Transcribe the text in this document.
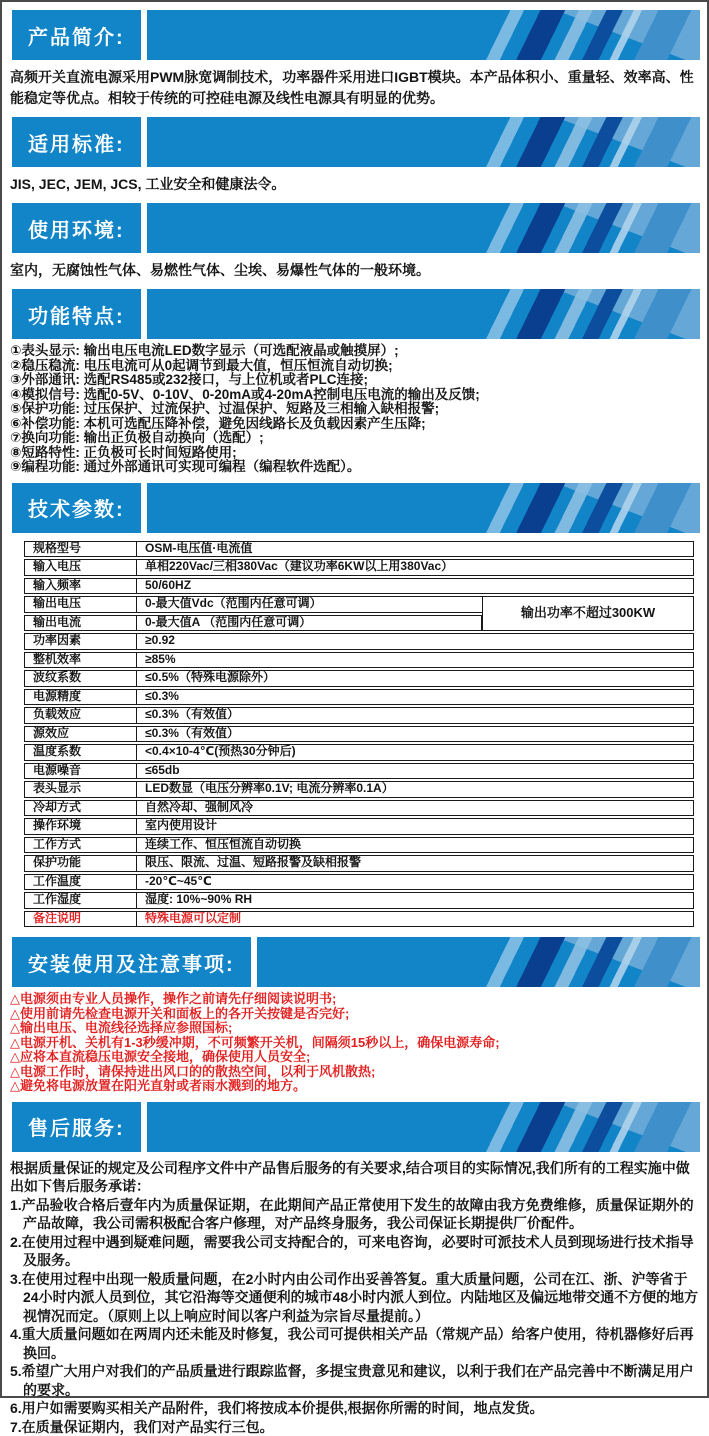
产品简介:

高频开关直流电源采用PWM脉宽调制技术，功率器件采用进口IGBT模块。本产品体积小、重量轻、效率高、性能稳定等优点。相较于传统的可控硅电源及线性电源具有明显的优势。

适用标准:

JIS, JEC, JEM, JCS, 工业安全和健康法令。

使用环境:

室内，无腐蚀性气体、易燃性气体、尘埃、易爆性气体的一般环境。

功能特点:
①表头显示: 输出电压电流LED数字显示（可选配液晶或触摸屏）;
②稳压稳流: 电压电流可从0起调节到最大值，恒压恒流自动切换;
③外部通讯: 选配RS485或232接口，与上位机或者PLC连接;
④模拟信号: 选配0-5V、0-10V、0-20mA或4-20mA控制电压电流的输出及反馈;
⑤保护功能: 过压保护、过流保护、过温保护、短路及三相输入缺相报警;
⑥补偿功能: 本机可选配压降补偿，避免因线路长及负载因素产生压降;
⑦换向功能: 输出正负极自动换向（选配）;
⑧短路特性: 正负极可长时间短路使用;
⑨编程功能: 通过外部通讯可实现可编程（编程软件选配）。
技术参数:
规格型号	OSM-电压值·电流值	
输入电压	单相220Vac/三相380Vac（建议功率6KW以上用380Vac）	
输入频率	50/60HZ	
输出电压	0-最大值Vdc（范围内任意可调）	输出功率不超过300KW
输出电流	0-最大值A （范围内任意可调）	
功率因素	≥0.92	
整机效率	≥85%	
波纹系数	≤0.5%（特殊电源除外）	
电源精度	≤0.3%	
负载效应	≤0.3%（有效值）	
源效应	≤0.3%（有效值）	
温度系数	<0.4×10-4℃(预热30分钟后)	
电源噪音	≤65db	
表头显示	LED数显（电压分辨率0.1V; 电流分辨率0.1A）	
冷却方式	自然冷却、强制风冷	
操作环境	室内使用设计	
工作方式	连续工作、恒压恒流自动切换	
保护功能	限压、限流、过温、短路报警及缺相报警	
工作温度	-20℃~45℃	
工作湿度	湿度: 10%~90% RH	
备注说明	特殊电源可以定制	
安装使用及注意事项:
△电源须由专业人员操作，操作之前请先仔细阅读说明书;
△使用前请先检查电源开关和面板上的各开关按键是否完好;
△输出电压、电流线径选择应参照国标;
△电源开机、关机有1-3秒缓冲期，不可频繁开关机，间隔须15秒以上，确保电源寿命;
△应将本直流稳压电源安全接地，确保使用人员安全;
△电源工作时，请保持进出风口的的散热空间，以利于风机散热;
△避免将电源放置在阳光直射或者雨水溅到的地方。
售后服务:

根据质量保证的规定及公司程序文件中产品售后服务的有关要求,结合项目的实际情况,我们所有的工程实施中做出如下售后服务承诺：

1.产品验收合格后壹年内为质量保证期，在此期间产品正常使用下发生的故障由我方免费维修，质量保证期外的产品故障，我公司需积极配合客户修理，对产品终身服务，我公司保证长期提供厂价配件。

2.在使用过程中遇到疑难问题，需要我公司支持配合的，可来电咨询，必要时可派技术人员到现场进行技术指导及服务。

3.在使用过程中出现一般质量问题，在2小时内由公司作出妥善答复。重大质量问题，公司在江、浙、沪等省于24小时内派人员到位，其它沿海等交通便利的城市48小时内派人到位。内陆地区及偏远地带交通不方便的地方视情况而定。（原则上以上响应时间以客户利益为宗旨尽量提前。）

4.重大质量问题如在两周内还未能及时修复，我公司可提供相关产品（常规产品）给客户使用，待机器修好后再换回。

5.希望广大用户对我们的产品质量进行跟踪监督，多提宝贵意见和建议，以利于我们在产品完善中不断满足用户的要求。

6.用户如需要购买相关产品附件，我们将按成本价提供,根据你所需的时间，地点发货。

7.在质量保证期内，我们对产品实行三包。
